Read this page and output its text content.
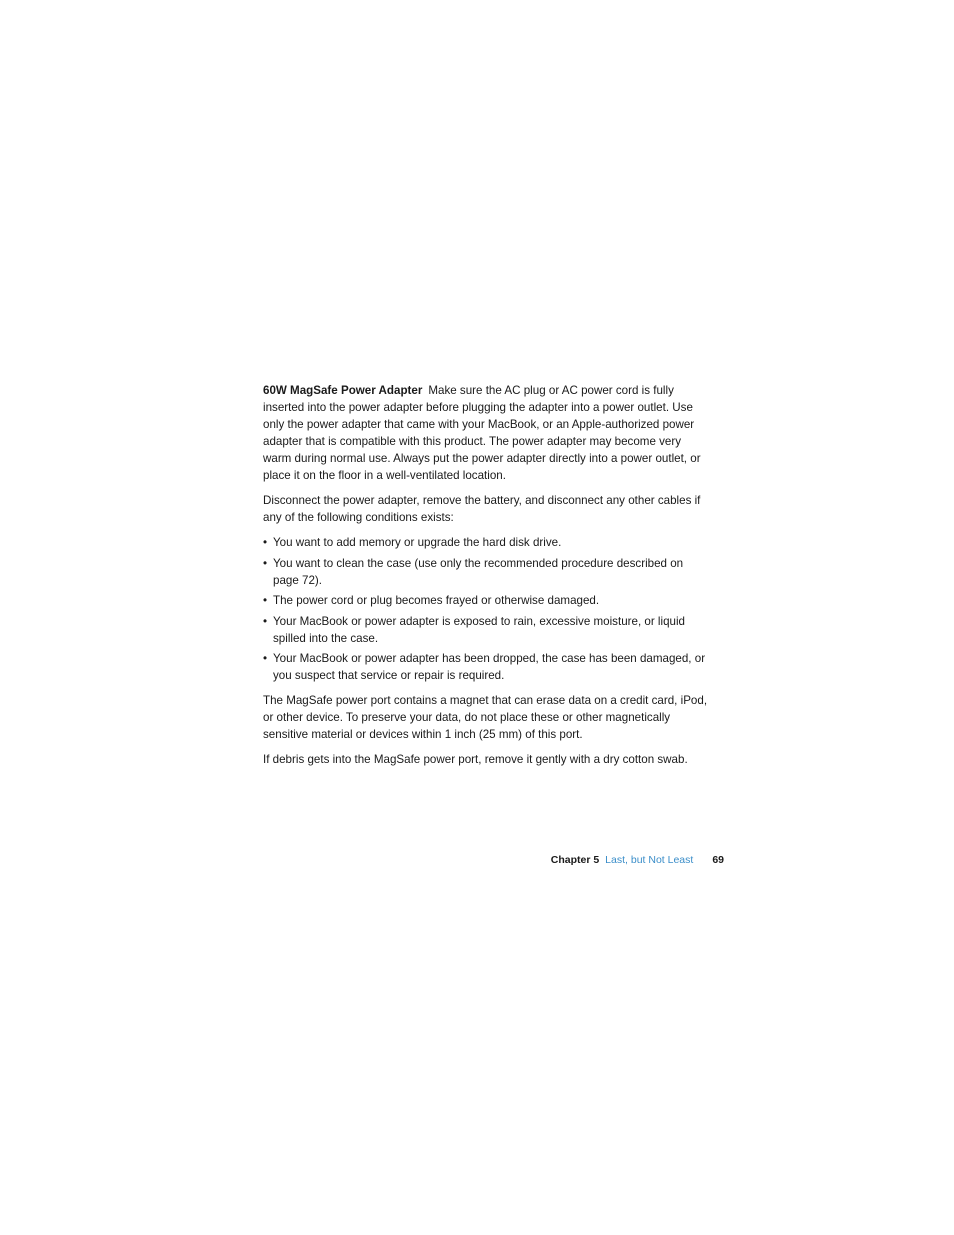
60W MagSafe Power Adapter Make sure the AC plug or AC power cord is fully inserted into the power adapter before plugging the adapter into a power outlet. Use only the power adapter that came with your MacBook, or an Apple-authorized power adapter that is compatible with this product. The power adapter may become very warm during normal use. Always put the power adapter directly into a power outlet, or place it on the floor in a well-ventilated location.

Disconnect the power adapter, remove the battery, and disconnect any other cables if any of the following conditions exists:

• You want to add memory or upgrade the hard disk drive.
• You want to clean the case (use only the recommended procedure described on page 72).
• The power cord or plug becomes frayed or otherwise damaged.
• Your MacBook or power adapter is exposed to rain, excessive moisture, or liquid spilled into the case.
• Your MacBook or power adapter has been dropped, the case has been damaged, or you suspect that service or repair is required.

The MagSafe power port contains a magnet that can erase data on a credit card, iPod, or other device. To preserve your data, do not place these or other magnetically sensitive material or devices within 1 inch (25 mm) of this port.

If debris gets into the MagSafe power port, remove it gently with a dry cotton swab.

Chapter 5 Last, but Not Least 69
